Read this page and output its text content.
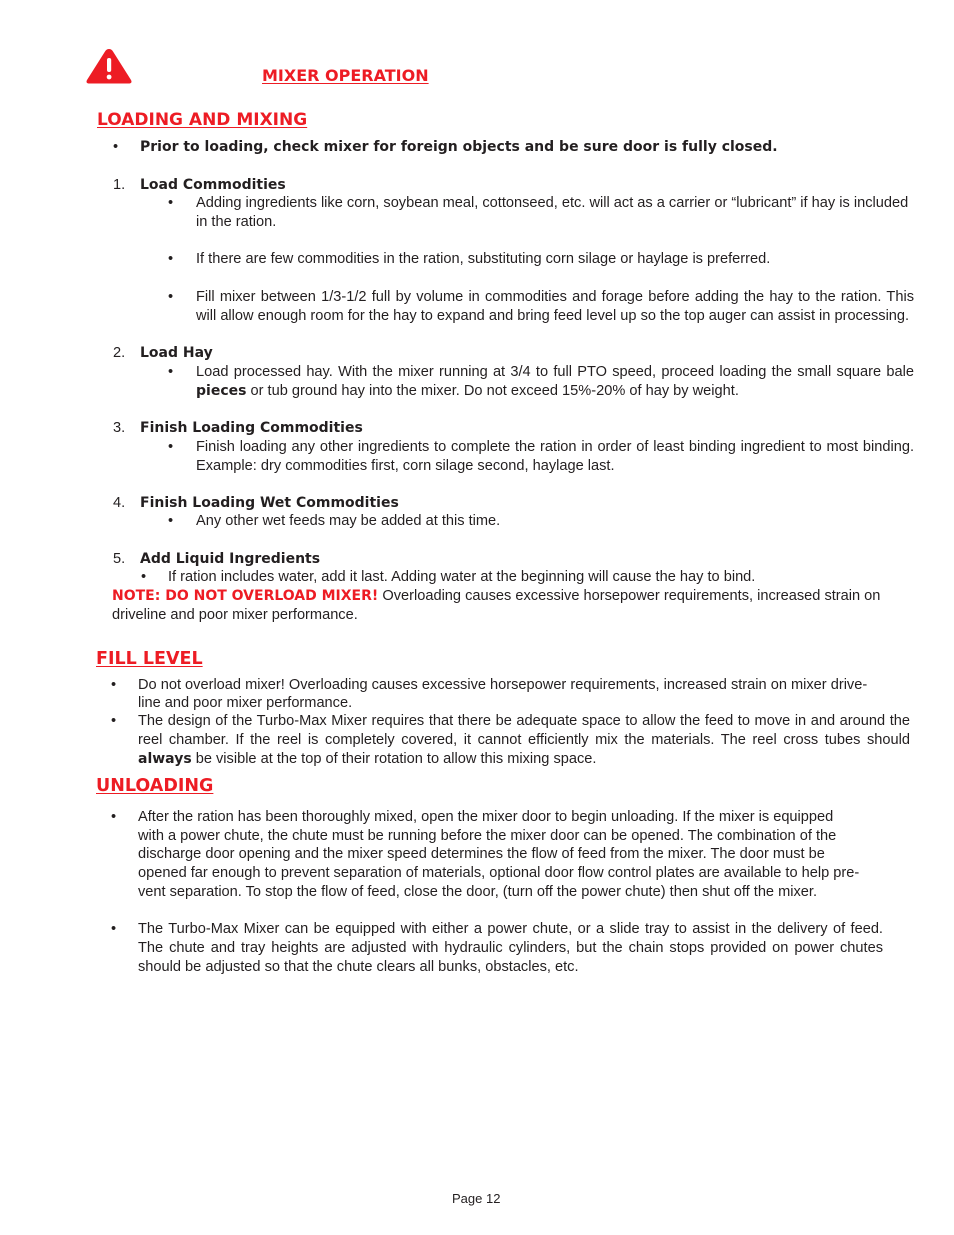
MIXER OPERATION
LOADING AND MIXING
• Prior to loading, check mixer for foreign objects and be sure door is fully closed.
1. Load Commodities
• Adding ingredients like corn, soybean meal, cottonseed, etc. will act as a carrier or “lubricant” if hay is included in the ration.
• If there are few commodities in the ration, substituting corn silage or haylage is preferred.
• Fill mixer between 1/3-1/2 full by volume in commodities and forage before adding the hay to the ration. This will allow enough room for the hay to expand and bring feed level up so the top auger can assist in processing.
2. Load Hay
• Load processed hay. With the mixer running at 3/4 to full PTO speed, proceed loading the small square bale pieces or tub ground hay into the mixer. Do not exceed 15%-20% of hay by weight.
3. Finish Loading Commodities
• Finish loading any other ingredients to complete the ration in order of least binding ingredient to most binding. Example: dry commodities first, corn silage second, haylage last.
4. Finish Loading Wet Commodities
• Any other wet feeds may be added at this time.
5. Add Liquid Ingredients
• If ration includes water, add it last. Adding water at the beginning will cause the hay to bind.
NOTE: DO NOT OVERLOAD MIXER! Overloading causes excessive horsepower requirements, increased strain on driveline and poor mixer performance.
FILL LEVEL
• Do not overload mixer! Overloading causes excessive horsepower requirements, increased strain on mixer drive-
line and poor mixer performance.
• The design of the Turbo-Max Mixer requires that there be adequate space to allow the feed to move in and around the reel chamber. If the reel is completely covered, it cannot efficiently mix the materials. The reel cross tubes should always be visible at the top of their rotation to allow this mixing space.
UNLOADING
• After the ration has been thoroughly mixed, open the mixer door to begin unloading. If the mixer is equipped
with a power chute, the chute must be running before the mixer door can be opened. The combination of the
discharge door opening and the mixer speed determines the flow of feed from the mixer. The door must be
opened far enough to prevent separation of materials, optional door flow control plates are available to help pre-
vent separation. To stop the flow of feed, close the door, (turn off the power chute) then shut off the mixer.
• The Turbo-Max Mixer can be equipped with either a power chute, or a slide tray to assist in the delivery of feed. The chute and tray heights are adjusted with hydraulic cylinders, but the chain stops provided on power chutes should be adjusted so that the chute clears all bunks, obstacles, etc.
Page 12
